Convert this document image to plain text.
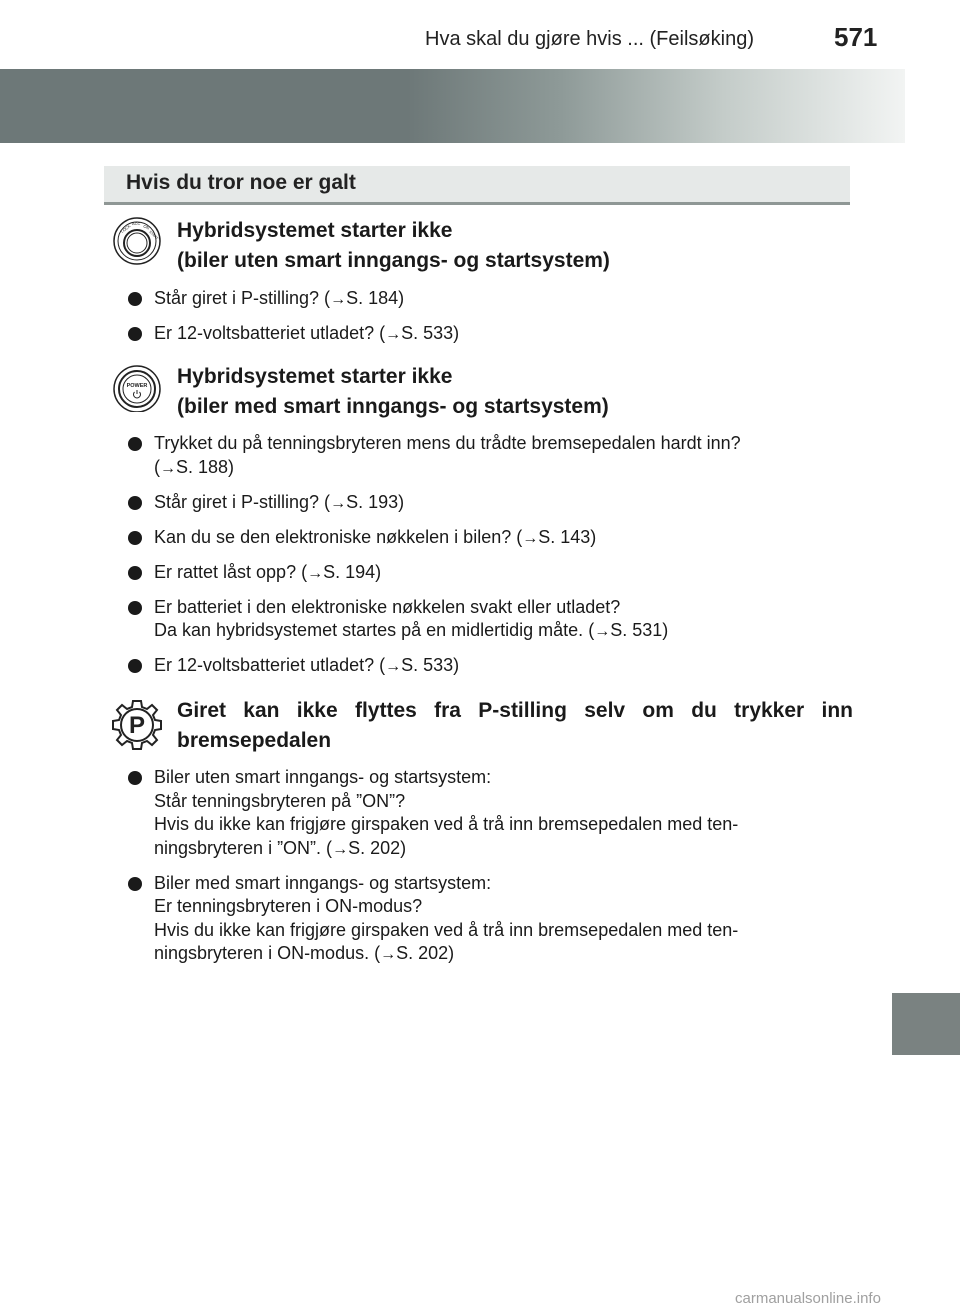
Hva skal du gjøre hvis ... (Feilsøking)	571
Hvis du tror noe er galt
LOCK ACC ON
START Hybridsystemet starter ikke
(biler uten smart inngangs- og startsystem)
Står giret i P-stilling? (→S. 184)
Er 12-voltsbatteriet utladet? (→S. 533)
POWER Hybridsystemet starter ikke
(biler med smart inngangs- og startsystem)
Trykket du på tenningsbryteren mens du trådte bremsepedalen hardt inn?
(→S. 188)
Står giret i P-stilling? (→S. 193)
Kan du se den elektroniske nøkkelen i bilen? (→S. 143)
Er rattet låst opp? (→S. 194)
Er batteriet i den elektroniske nøkkelen svakt eller utladet?
Da kan hybridsystemet startes på en midlertidig måte. (→S. 531)
Er 12-voltsbatteriet utladet? (→S. 533)
P
Giret kan ikke flyttes fra P-stilling selv om du trykker inn bremsepedalen
Biler uten smart inngangs- og startsystem:
Står tenningsbryteren på ”ON”?
Hvis du ikke kan frigjøre girspaken ved å trå inn bremsepedalen med ten-
ningsbryteren i ”ON”. (→S. 202)
Biler med smart inngangs- og startsystem:
Er tenningsbryteren i ON-modus?
Hvis du ikke kan frigjøre girspaken ved å trå inn bremsepedalen med ten-
ningsbryteren i ON-modus. (→S. 202)
carmanualsonline.info
